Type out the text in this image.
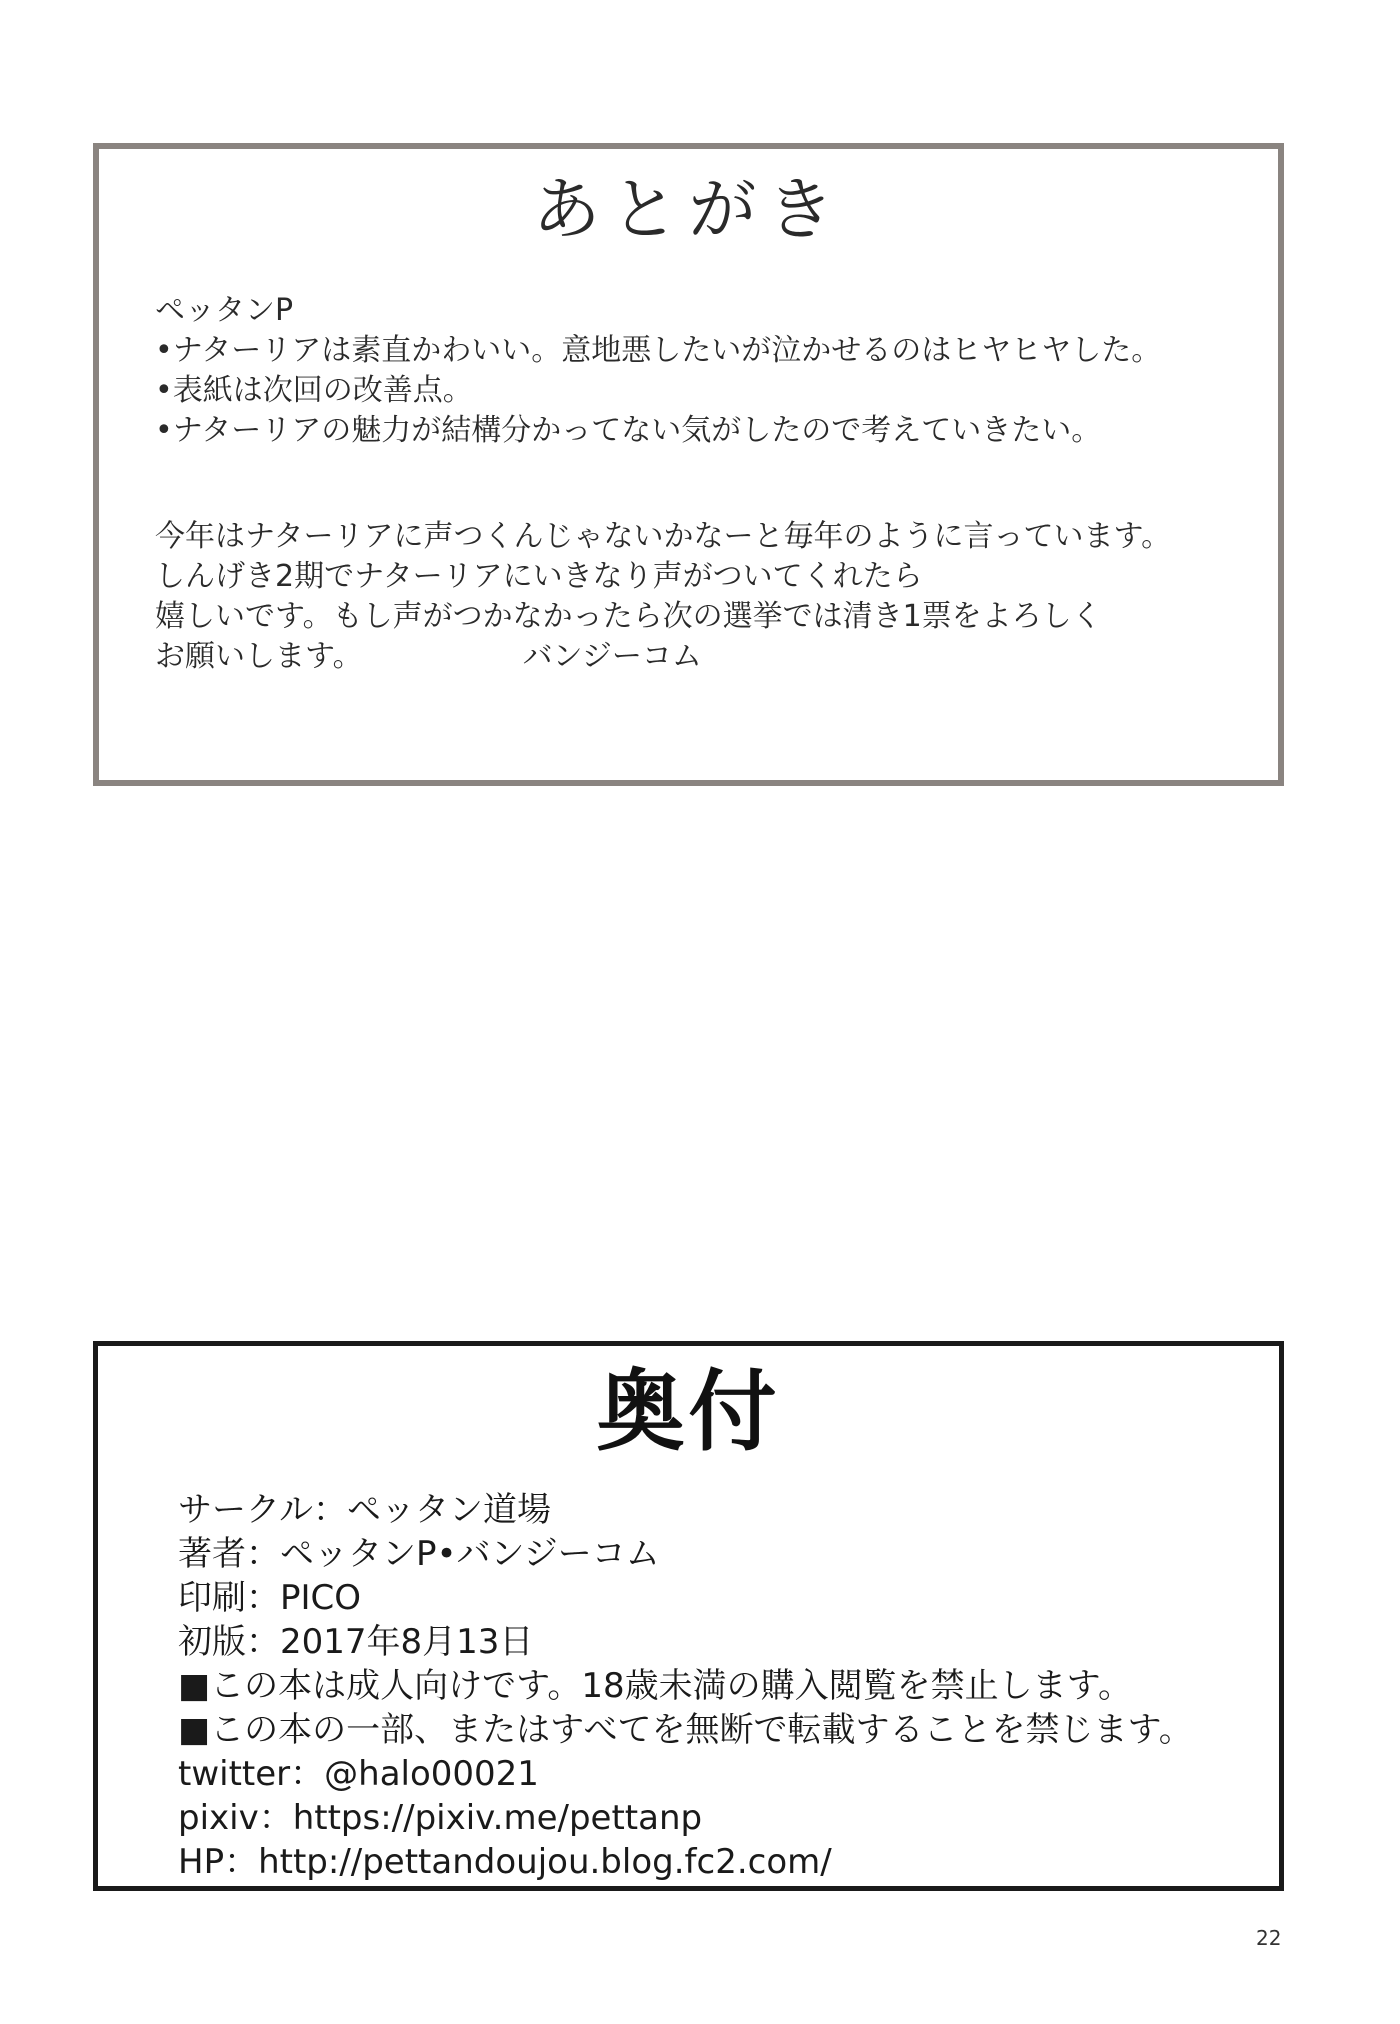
あとがき

ペッタンP

•ナターリアは素直かわいい。意地悪したいが泣かせるのはヒヤヒヤした。

•表紙は次回の改善点。

•ナターリアの魅力が結構分かってない気がしたので考えていきたい。

今年はナターリアに声つくんじゃないかなーと毎年のように言っています。

しんげき2期でナターリアにいきなり声がついてくれたら

嬉しいです。もし声がつかなかったら次の選挙では清き1票をよろしく

お願いします。	バンジーコム

奥付

サークル：ペッタン道場

著者：ペッタンP•バンジーコム

印刷：PICO

初版：2017年8月13日

■この本は成人向けです。18歳未満の購入閲覧を禁止します。

■この本の一部、またはすべてを無断で転載することを禁じます。

twitter：@halo00021

pixiv：https://pixiv.me/pettanp

HP：http://pettandoujou.blog.fc2.com/

22
